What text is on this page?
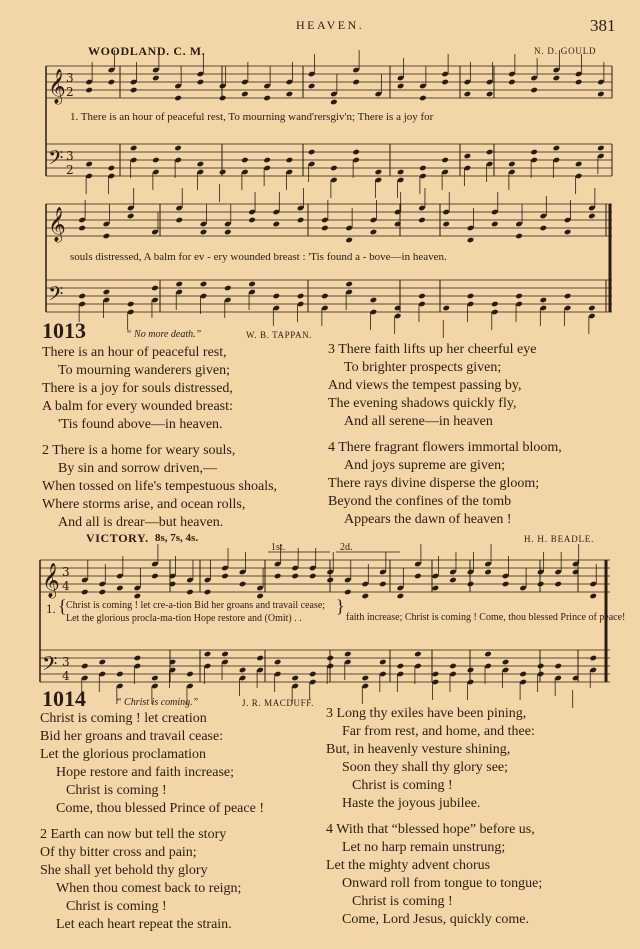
HEAVEN.	381
WOODLAND. C. M.	N. D. GOULD
1. There is an hour of peaceful rest, To mourning wand'rersgiv'n; There is a joy for
souls distressed, A balm for ev - ery wounded breast : 'Tis found a - bove—in heaven.
1013	“ No more death.”	W. B. TAPPAN.
There is an hour of peaceful rest,
To mourning wanderers given;
There is a joy for souls distressed,
A balm for every wounded breast:
'Tis found above—in heaven.
2 There is a home for weary souls,
By sin and sorrow driven,—
When tossed on life's tempestuous shoals,
Where storms arise, and ocean rolls,
And all is drear—but heaven.
3 There faith lifts up her cheerful eye
To brighter prospects given;
And views the tempest passing by,
The evening shadows quickly fly,
And all serene—in heaven
4 There fragrant flowers immortal bloom,
And joys supreme are given;
There rays divine disperse the gloom;
Beyond the confines of the tomb
Appears the dawn of heaven !
VICTORY. 8s, 7s, 4s.	H. H. BEADLE.
1st.	2d.
1. { Christ is coming ! let cre-a-tion Bid her groans and travail cease;
Let the glorious procla-ma-tion Hope restore and (Omit) . .
}
faith increase; Christ is coming ! Come, thou blessed Prince of peace!
1014	“ Christ is coming.”	J. R. MACDUFF.
Christ is coming ! let creation
Bid her groans and travail cease:
Let the glorious proclamation
Hope restore and faith increase;
Christ is coming !
Come, thou blessed Prince of peace !
2 Earth can now but tell the story
Of thy bitter cross and pain;
She shall yet behold thy glory
When thou comest back to reign;
Christ is coming !
Let each heart repeat the strain.
3 Long thy exiles have been pining,
Far from rest, and home, and thee:
But, in heavenly vesture shining,
Soon they shall thy glory see;
Christ is coming !
Haste the joyous jubilee.
4 With that “blessed hope” before us,
Let no harp remain unstrung;
Let the mighty advent chorus
Onward roll from tongue to tongue;
Christ is coming !
Come, Lord Jesus, quickly come.
𝄞
𝄢
3
2
3
2
𝄞
𝄢
𝄞
𝄢
3
4
3
4
